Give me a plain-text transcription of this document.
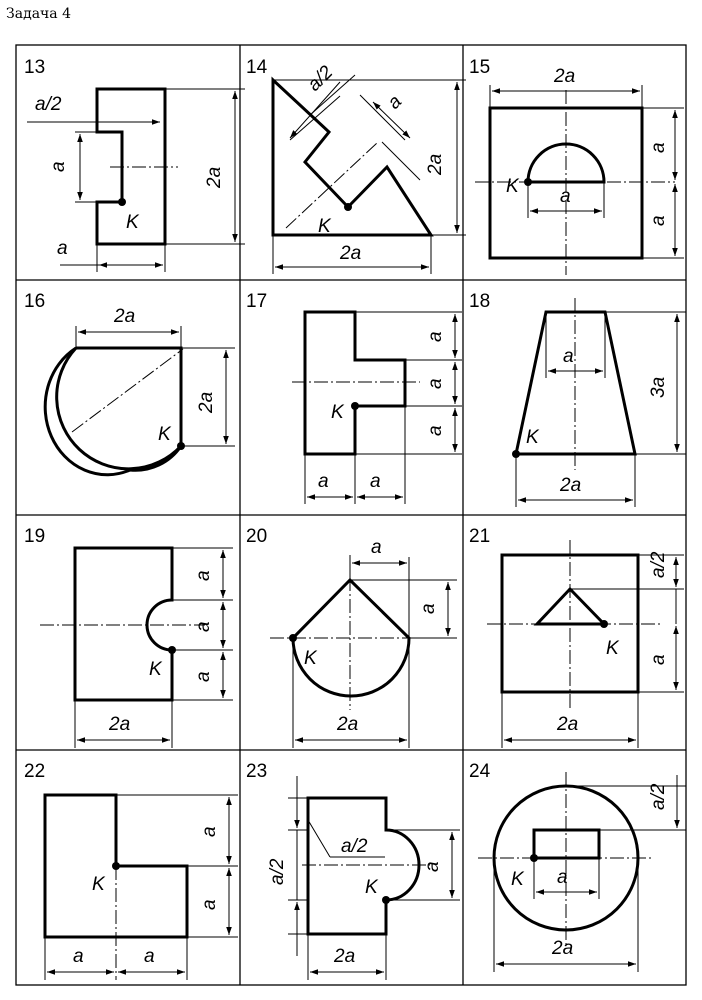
Задача 4
13
a/2
a
2a
a
K
14 a/2
a
2a
2a
K
15	2a
a
a
a
K
16
2a
2a
K
17
a
a
a
a a
K
18
3a
a
2a
K
19
a
a
a
2a
K
20
a
a
2a
K
21
a/2
a
2a
K
22
a
a
a	a
K
23
a/2
a/2
a
2a
K
24
a/2
a
2a
K
